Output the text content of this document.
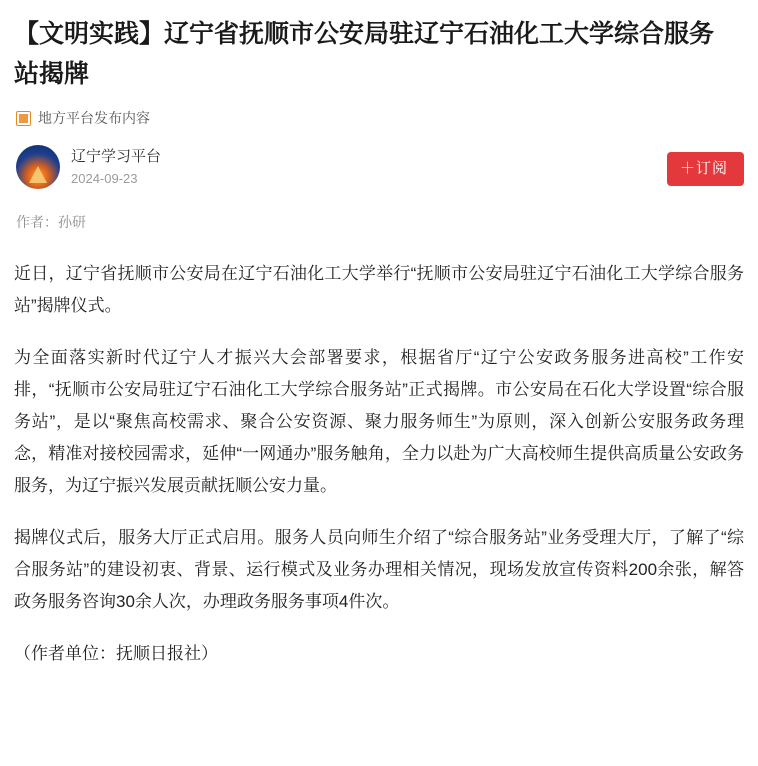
【文明实践】辽宁省抚顺市公安局驻辽宁石油化工大学综合服务站揭牌
地方平台发布内容
辽宁学习平台
2024-09-23
＋订阅
作者：孙研

近日，辽宁省抚顺市公安局在辽宁石油化工大学举行“抚顺市公安局驻辽宁石油化工大学综合服务站”揭牌仪式。

为全面落实新时代辽宁人才振兴大会部署要求，根据省厅“辽宁公安政务服务进高校”工作安排，“抚顺市公安局驻辽宁石油化工大学综合服务站”正式揭牌。市公安局在石化大学设置“综合服务站”，是以“聚焦高校需求、聚合公安资源、聚力服务师生”为原则，深入创新公安服务政务理念，精准对接校园需求，延伸“一网通办”服务触角，全力以赴为广大高校师生提供高质量公安政务服务，为辽宁振兴发展贡献抚顺公安力量。

揭牌仪式后，服务大厅正式启用。服务人员向师生介绍了“综合服务站”业务受理大厅，了解了“综合服务站”的建设初衷、背景、运行模式及业务办理相关情况，现场发放宣传资料200余张，解答政务服务咨询30余人次，办理政务服务事项4件次。

（作者单位：抚顺日报社）
